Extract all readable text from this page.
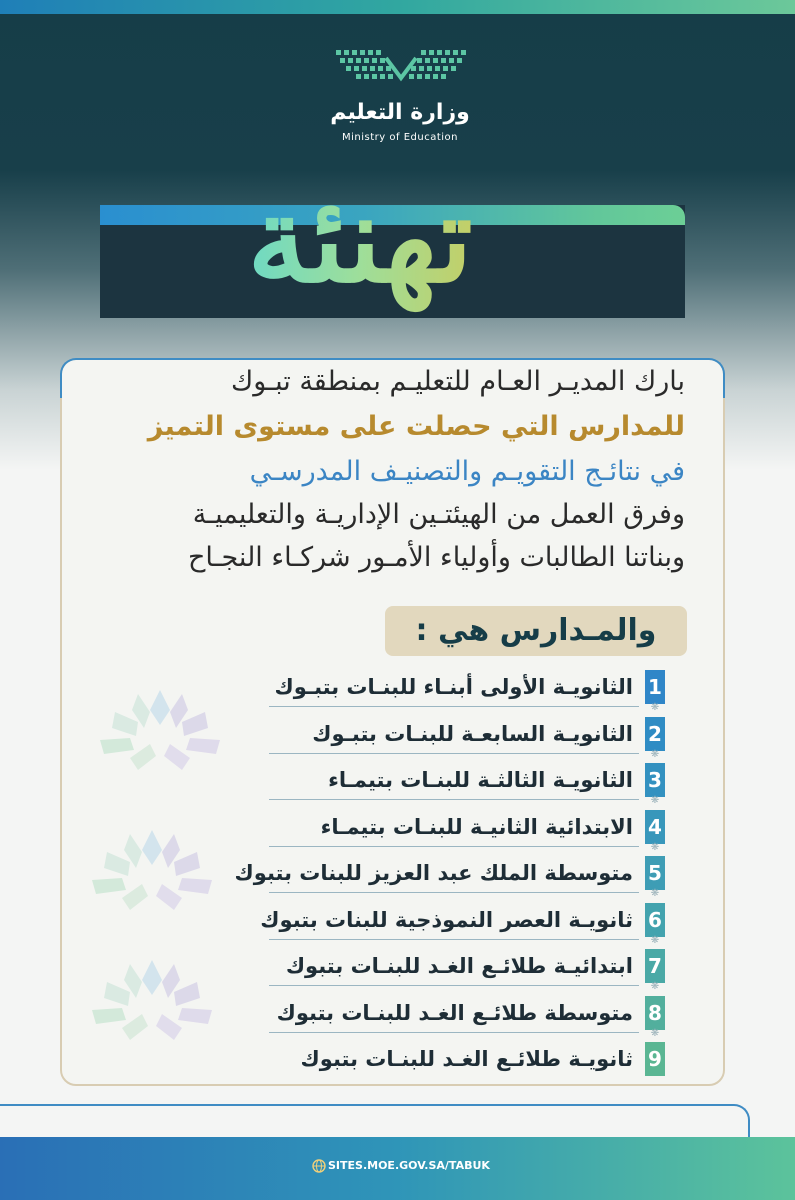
وزارة التعليم
Ministry of Education
تهنئة
بارك المديـر العـام للتعليـم بمنطقة تبـوك
للمدارس التي حصلت على مستوى التميز
في نتائـج التقويـم والتصنيـف المدرسـي
وفرق العمل من الهيئتـين الإداريـة والتعليميـة
وبناتنا الطالبات وأولياء الأمـور شركـاء النجـاح
والمـدارس هي :
1
الثانويـة الأولى أبنـاء للبنـات بتبـوك
❋
2
الثانويـة السابعـة للبنـات بتبـوك
❋
3
الثانويـة الثالثـة للبنـات بتيمـاء
❋
4
الابتدائية الثانيـة للبنـات بتيمـاء
❋
5
متوسطة الملك عبد العزيز للبنات بتبوك
❋
6
ثانويـة العصر النموذجية للبنات بتبوك
❋
7
ابتدائيـة طلائـع الغـد للبنـات بتبوك
❋
8
متوسطة طلائـع الغـد للبنـات بتبوك
❋
9
ثانويـة طلائـع الغـد للبنـات بتبوك
SITES.MOE.GOV.SA/TABUK
